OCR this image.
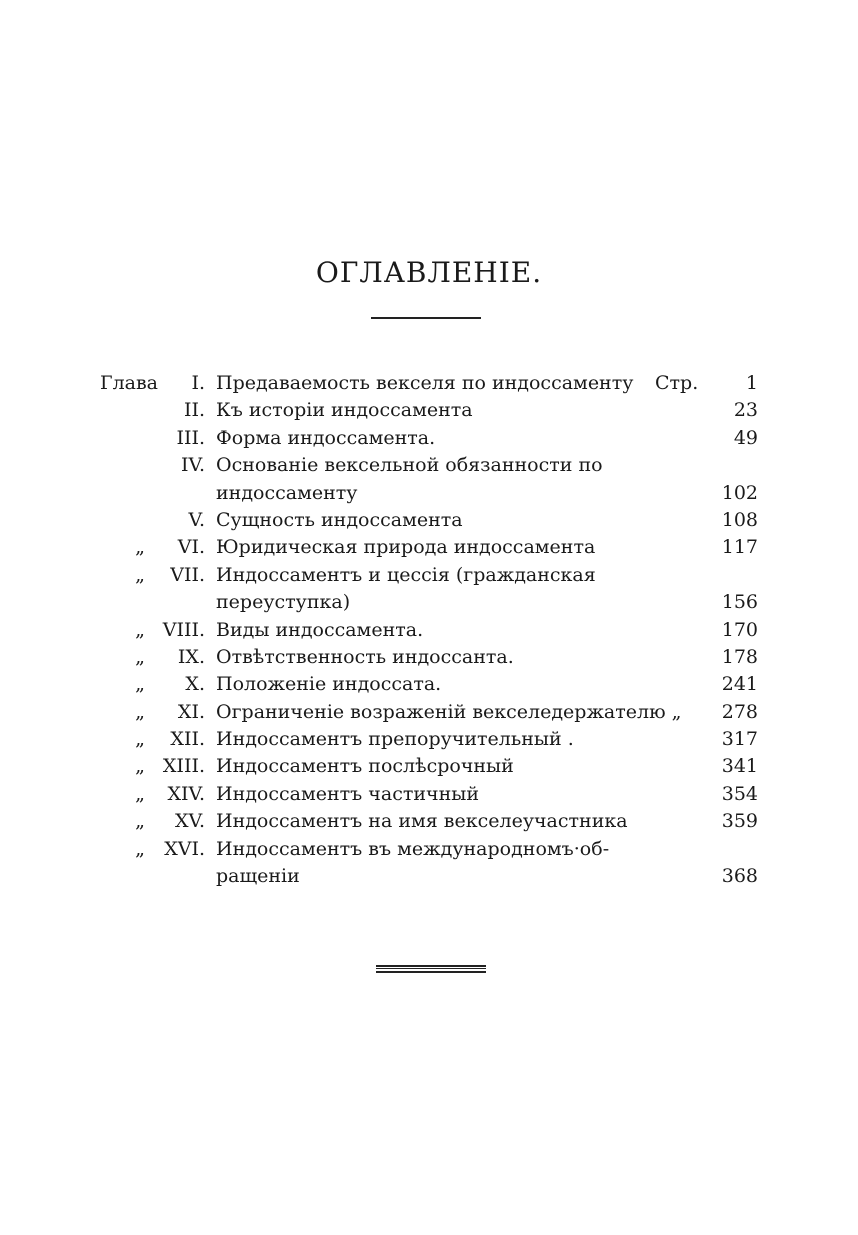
ОГЛАВЛЕНІЕ.
Глава I. Предаваемость векселя по индоссаменту Стр.	1
II. Къ исторіи индоссамента	23
III. Форма индоссамента.	49
IV. Основаніе вексельной обязанности по
индоссаменту	102
V. Сущность индоссамента	108
„ VI. Юридическая природа индоссамента	117
„ VII. Индоссаментъ и цессія (гражданская
переуступка)	156
„ VIII. Виды индоссамента.	170
„ IX. Отвѣтственность индоссанта.	178
„ X. Положеніе индоссата.	241
„ XI. Ограниченіе возраженій векселедержателю „ 278
„ XII. Индоссаментъ препоручительный .	317
„ XIII. Индоссаментъ послѣсрочный	341
„ XIV. Индоссаментъ частичный	354
„ XV. Индоссаментъ на имя векселеучастника	359
„ XVI. Индоссаментъ въ международномъ·об-
ращеніи	368
